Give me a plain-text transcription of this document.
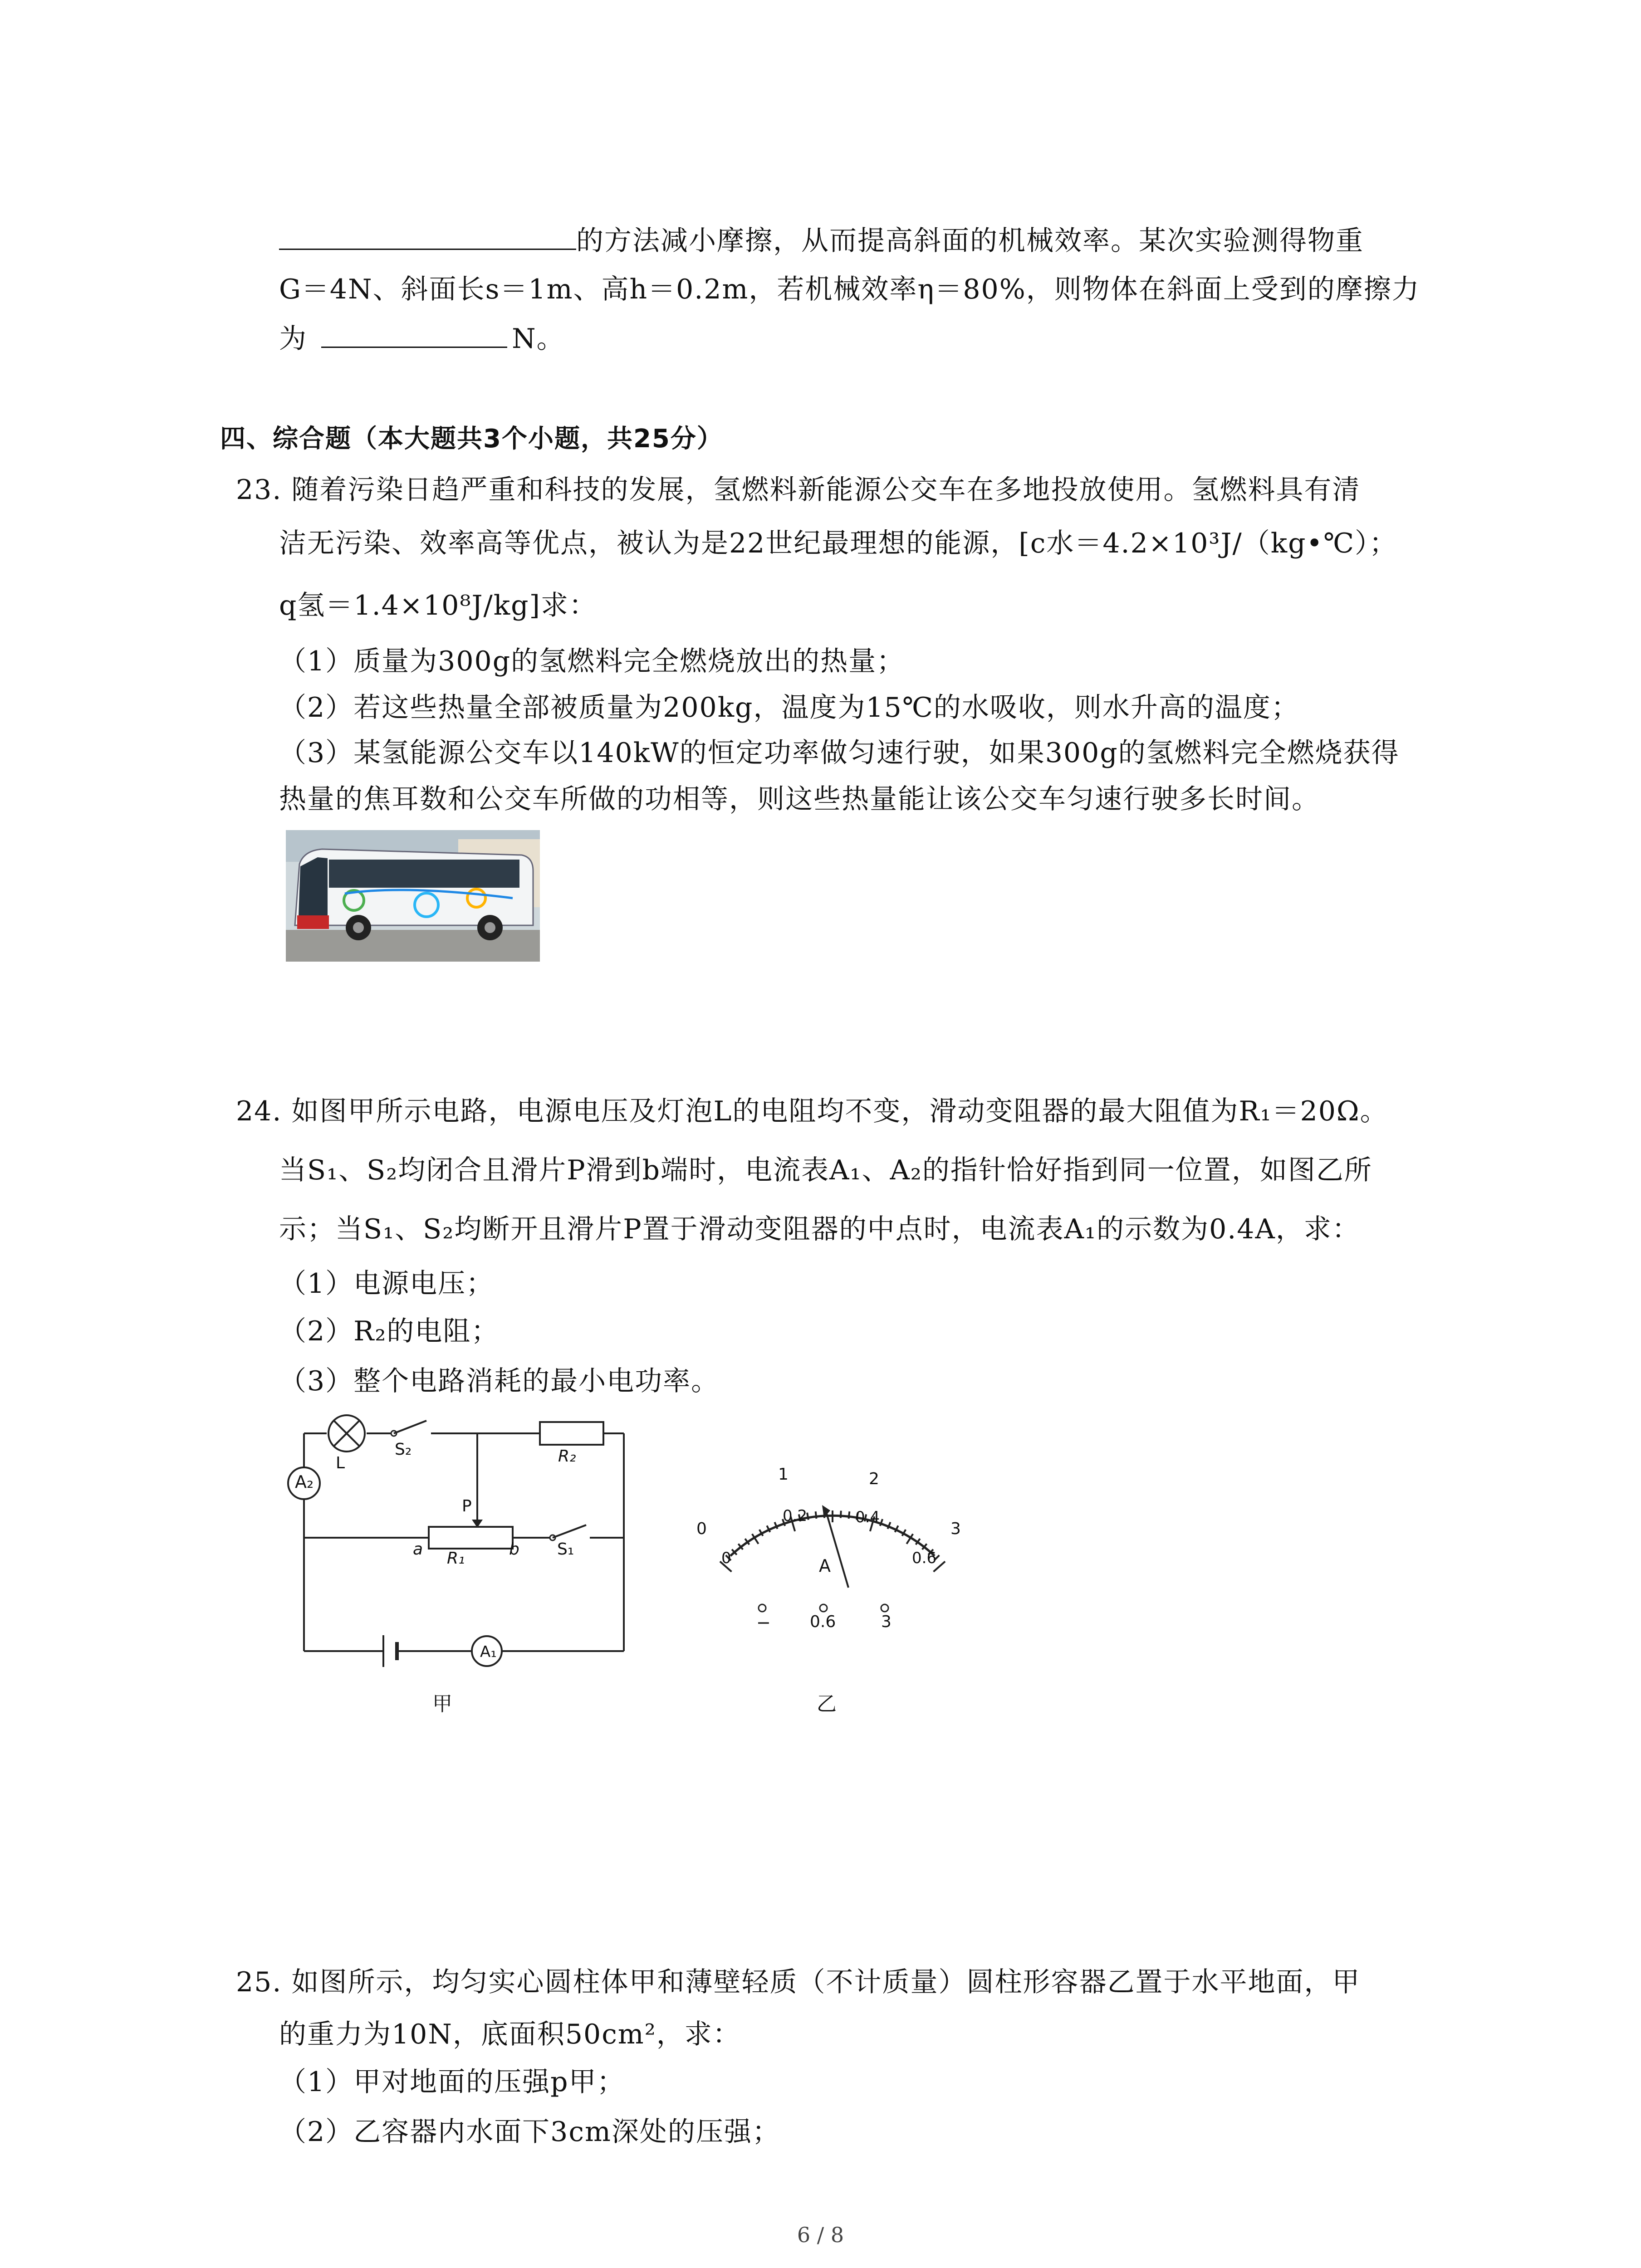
的方法减小摩擦，从而提高斜面的机械效率。某次实验测得物重
G＝4N、斜面长s＝1m、高h＝0.2m，若机械效率η＝80%，则物体在斜面上受到的摩擦力
为	N。
四、综合题（本大题共3个小题，共25分）
23. 随着污染日趋严重和科技的发展，氢燃料新能源公交车在多地投放使用。氢燃料具有清
洁无污染、效率高等优点，被认为是22世纪最理想的能源，[c水＝4.2×10³J/（kg•℃）；
q氢＝1.4×10⁸J/kg]求：
（1）质量为300g的氢燃料完全燃烧放出的热量；
（2）若这些热量全部被质量为200kg，温度为15℃的水吸收，则水升高的温度；
（3）某氢能源公交车以140kW的恒定功率做匀速行驶，如果300g的氢燃料完全燃烧获得
热量的焦耳数和公交车所做的功相等，则这些热量能让该公交车匀速行驶多长时间。
24. 如图甲所示电路，电源电压及灯泡L的电阻均不变，滑动变阻器的最大阻值为R₁＝20Ω。
当S₁、S₂均闭合且滑片P滑到b端时，电流表A₁、A₂的指针恰好指到同一位置，如图乙所
示；当S₁、S₂均断开且滑片P置于滑动变阻器的中点时，电流表A₁的示数为0.4A，求：
（1）电源电压；
（2）R₂的电阻；
（3）整个电路消耗的最小电功率。
A₂
L
S₂	R₂
P
a R₁	b S₁
A₁
甲
0
1	2
3
0
0.2	0.4
0.6
A
− 0.6	3
乙
25. 如图所示，均匀实心圆柱体甲和薄壁轻质（不计质量）圆柱形容器乙置于水平地面，甲
的重力为10N，底面积50cm²，求：
（1）甲对地面的压强p甲；
（2）乙容器内水面下3cm深处的压强；
6 / 8
